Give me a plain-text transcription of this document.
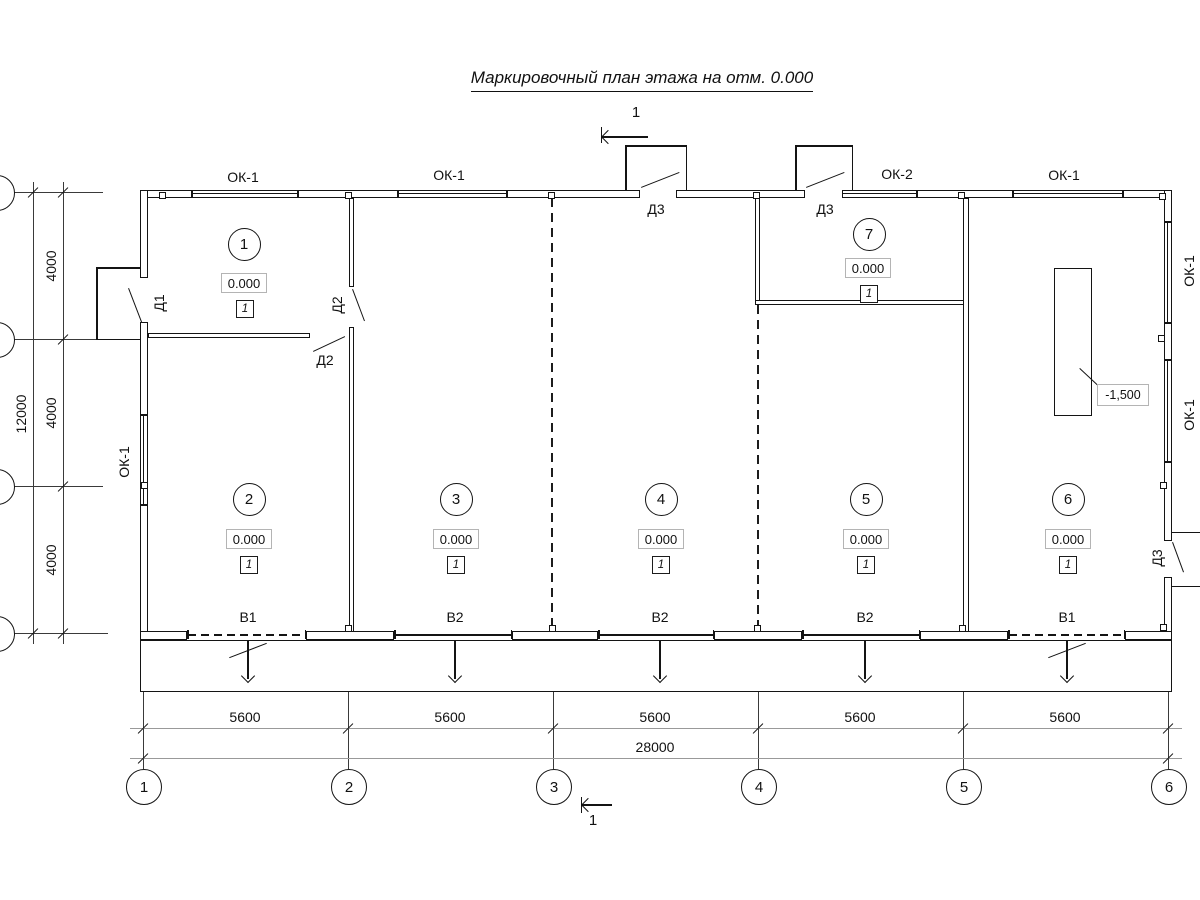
Маркировочный план этажа на отм. 0.000
1
1
-1,500
ОК-1	ОК-1	ОК-2	ОК-1
ОК-1
ОК-1
ОК-1
Д1	Д2
Д2
Д3	Д3
Д3
1
0.000
1
2
0.000
1
3
0.000
1
4
0.000
1
5
0.000
1
6
0.000
1
7
0.000
1
В1	В2	В2	В2	В1
4000
4000
4000
12000
5600	5600	5600	5600	5600
28000
1	2	3	4	5	6
